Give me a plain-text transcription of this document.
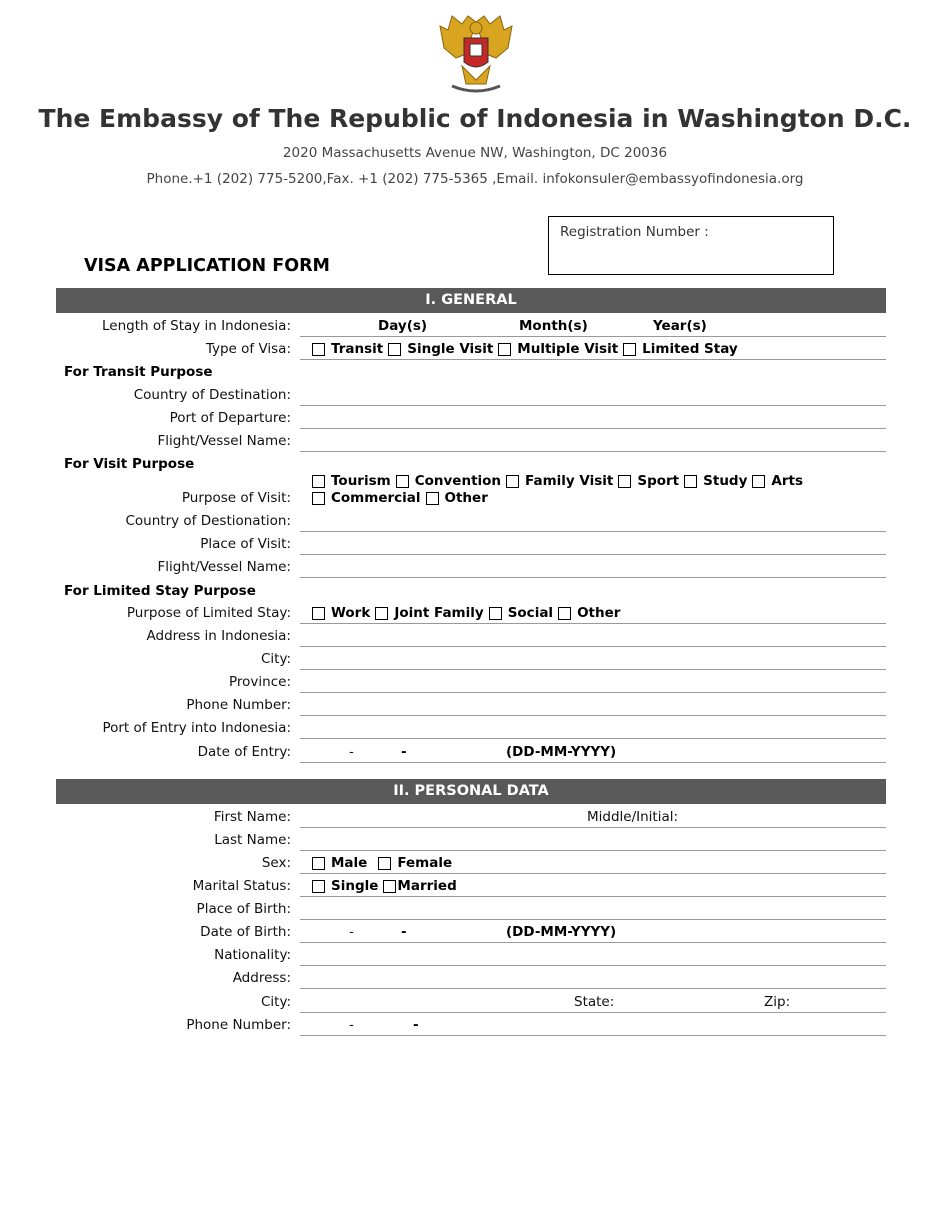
The Embassy of The Republic of Indonesia in Washington D.C.
2020 Massachusetts Avenue NW, Washington, DC 20036
Phone.+1 (202) 775-5200,Fax. +1 (202) 775-5365 ,Email. infokonsuler@embassyofindonesia.org
Registration Number :
VISA APPLICATION FORM
I. GENERAL
Length of Stay in Indonesia:	Day(s)	Month(s)	Year(s)
Type of Visa:	Transit Single Visit Multiple Visit Limited Stay
For Transit Purpose
Country of Destination:
Port of Departure:
Flight/Vessel Name:
For Visit Purpose
Purpose of Visit:
Tourism Convention Family Visit Sport Study Arts
Commercial Other
Country of Destionation:
Place of Visit:
Flight/Vessel Name:
For Limited Stay Purpose
Purpose of Limited Stay:	Work Joint Family Social Other
Address in Indonesia:
City:
Province:
Phone Number:
Port of Entry into Indonesia:
Date of Entry:	-	-	(DD-MM-YYYY)
II. PERSONAL DATA
First Name:	Middle/Initial:
Last Name:
Sex:	Male Female
Marital Status:	Single Married
Place of Birth:
Date of Birth:	-	-	(DD-MM-YYYY)
Nationality:
Address:
City:	State:	Zip:
Phone Number:	-	-
